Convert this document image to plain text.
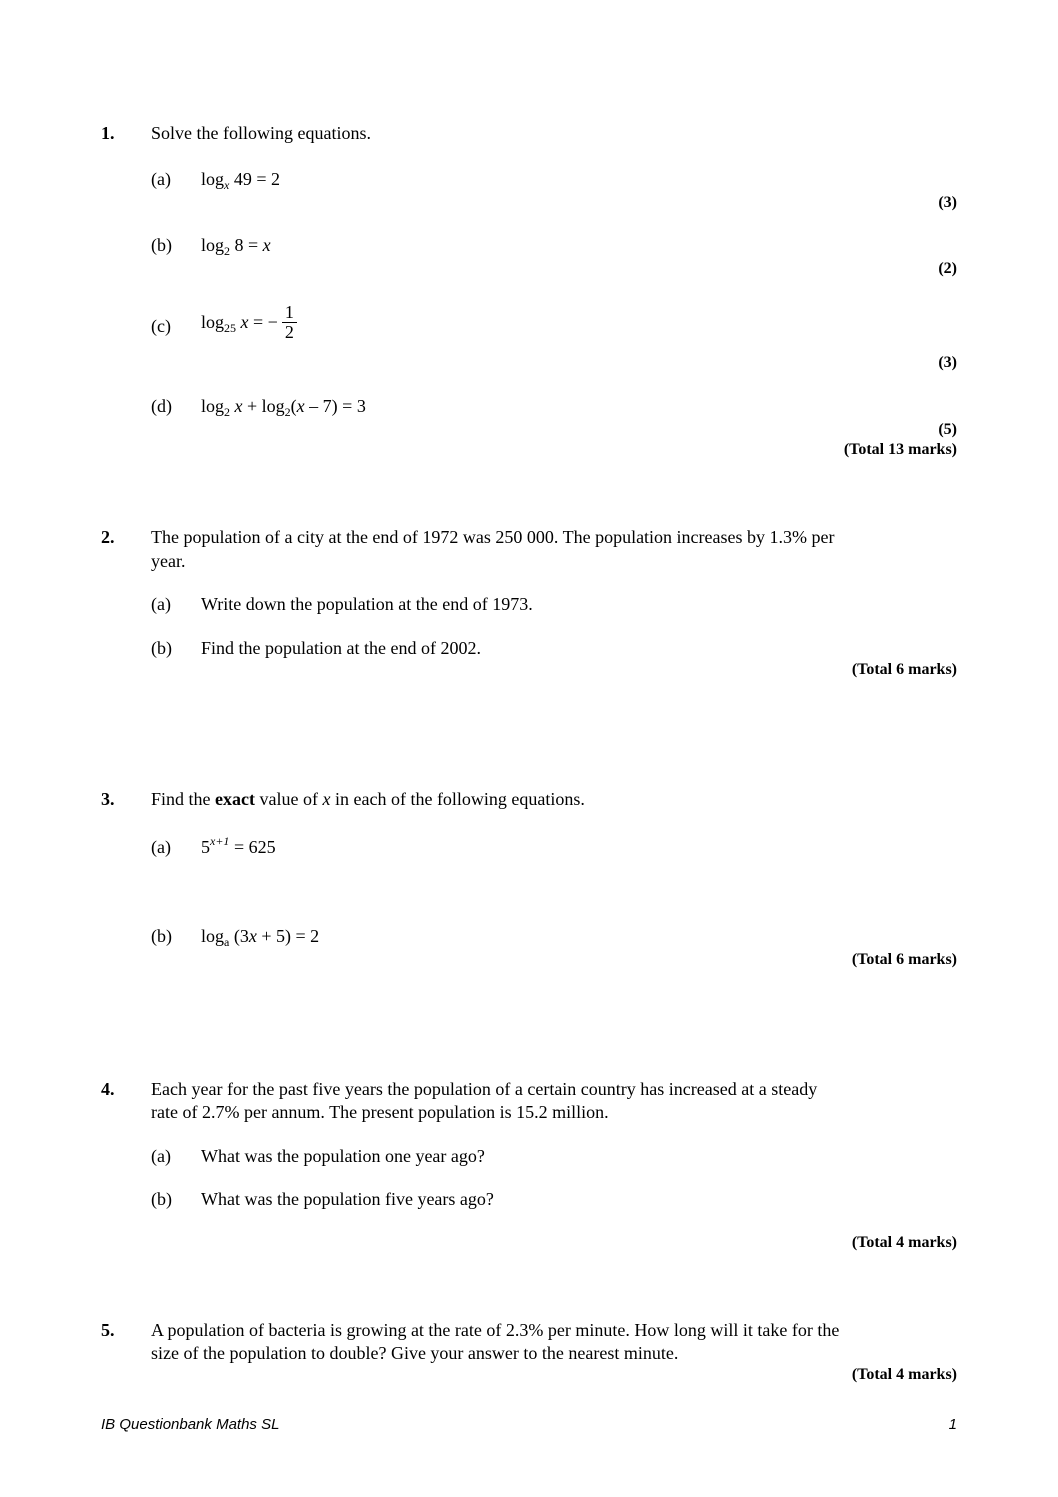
1. Solve the following equations.
(a) $\log_x 49 = 2$
(3)
(b) $\log_2 8 = x$
(2)
(c) $\log_{25} x$ = − $\frac{1}{2}$
(3)
(d) $\log_2 x + \log_2(x - 7) = 3$
(5)
(Total 13 marks)
2. The population of a city at the end of 1972 was 250 000. The population increases by 1.3% per
year.
(a) Write down the population at the end of 1973.
(b) Find the population at the end of 2002.
(Total 6 marks)
3. Find the exact value of x in each of the following equations.
(a) $5^{x+1} = 625$
(b) $\log_a (3x + 5) = 2$
(Total 6 marks)
4. Each year for the past five years the population of a certain country has increased at a steady
rate of 2.7% per annum. The present population is 15.2 million.
(a) What was the population one year ago?
(b) What was the population five years ago?
(Total 4 marks)
5. A population of bacteria is growing at the rate of 2.3% per minute. How long will it take for the
size of the population to double? Give your answer to the nearest minute.
(Total 4 marks)
IB Questionbank Maths SL	1
